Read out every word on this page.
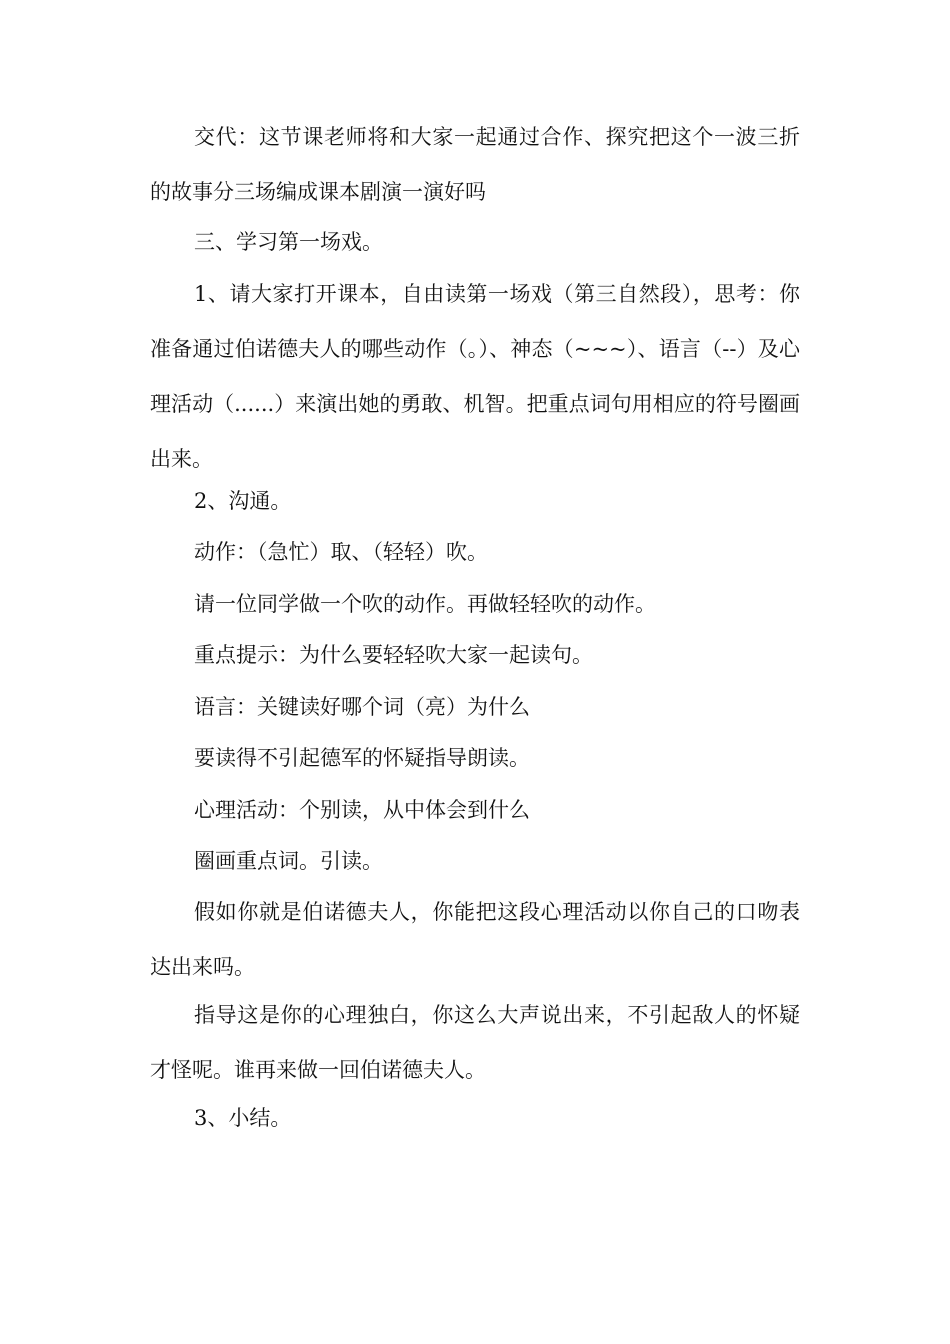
交代：这节课老师将和大家一起通过合作、探究把这个一波三折的故事分三场编成课本剧演一演好吗

三、学习第一场戏。

1、请大家打开课本，自由读第一场戏（第三自然段），思考：你准备通过伯诺德夫人的哪些动作（。）、神态（~~~）、语言（--）及心理活动（......）来演出她的勇敢、机智。把重点词句用相应的符号圈画出来。

2、沟通。

动作：（急忙）取、（轻轻）吹。

请一位同学做一个吹的动作。再做轻轻吹的动作。

重点提示：为什么要轻轻吹大家一起读句。

语言：关键读好哪个词（亮）为什么

要读得不引起德军的怀疑指导朗读。

心理活动：个别读，从中体会到什么

圈画重点词。引读。

假如你就是伯诺德夫人，你能把这段心理活动以你自己的口吻表达出来吗。

指导这是你的心理独白，你这么大声说出来，不引起敌人的怀疑才怪呢。谁再来做一回伯诺德夫人。

3、小结。
